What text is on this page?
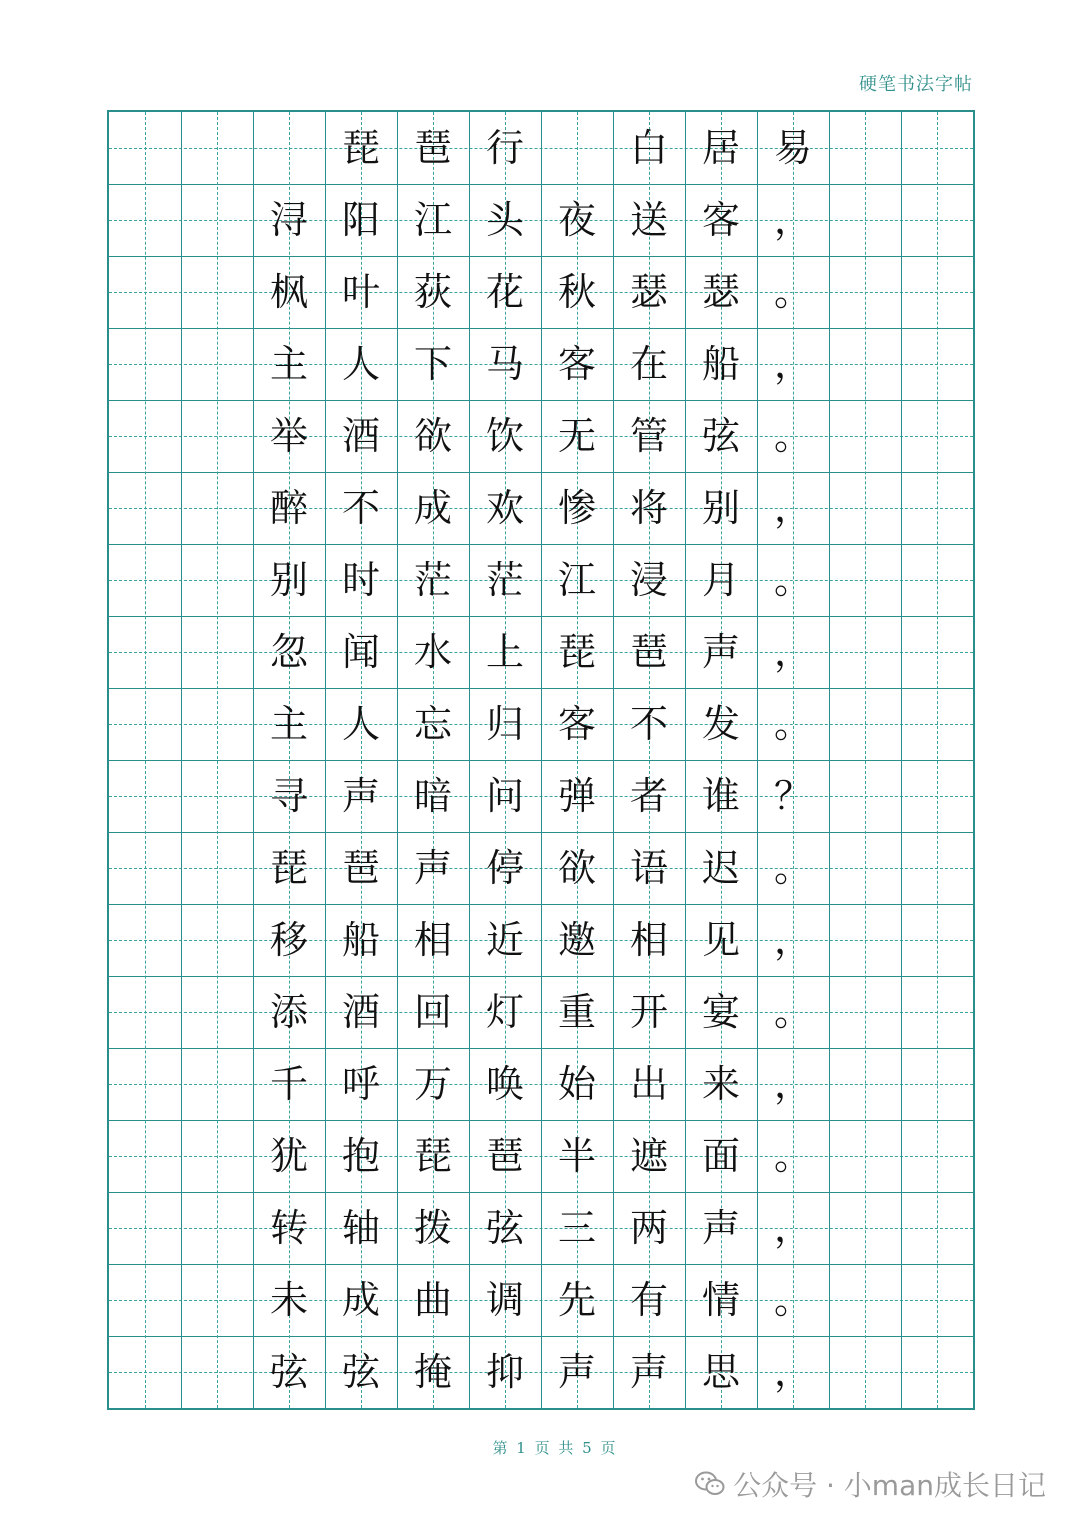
硬笔书法字帖
琵 琶 行	白 居 易
浔 阳 江 头 夜 送 客 ，
枫 叶 荻 花 秋 瑟 瑟 。
主 人 下 马 客 在 船 ，
举 酒 欲 饮 无 管 弦 。
醉 不 成 欢 惨 将 别 ，
别 时 茫 茫 江 浸 月 。
忽 闻 水 上 琵 琶 声 ，
主 人 忘 归 客 不 发 。
寻 声 暗 问 弹 者 谁 ？
琵 琶 声 停 欲 语 迟 。
移 船 相 近 邀 相 见 ，
添 酒 回 灯 重 开 宴 。
千 呼 万 唤 始 出 来 ，
犹 抱 琵 琶 半 遮 面 。
转 轴 拨 弦 三 两 声 ，
未 成 曲 调 先 有 情 。
弦 弦 掩 抑 声 声 思 ，
第 1 页 共 5 页
公众号 · 小man成长日记
